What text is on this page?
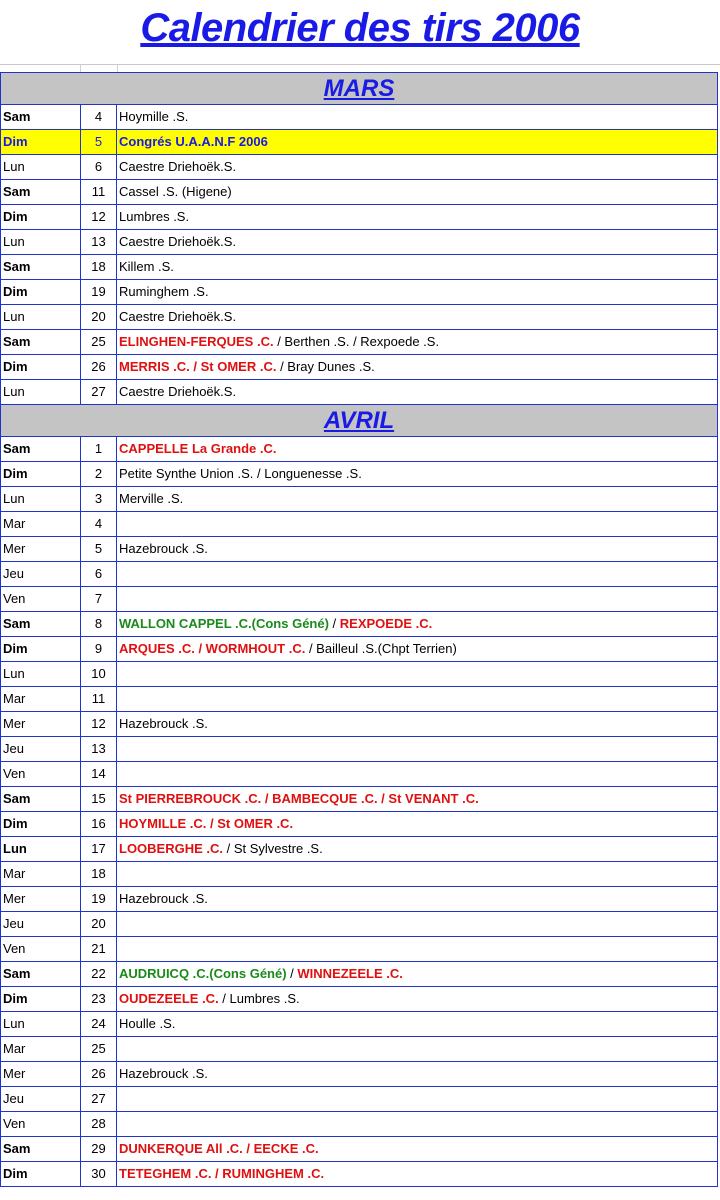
Calendrier des tirs 2006
MARS		
Sam	4	Hoymille .S.
Dim	5	Congrés U.A.A.N.F 2006
Lun	6	Caestre Driehoëk.S.
Sam	11	Cassel .S. (Higene)
Dim	12	Lumbres .S.
Lun	13	Caestre Driehoëk.S.
Sam	18	Killem .S.
Dim	19	Ruminghem .S.
Lun	20	Caestre Driehoëk.S.
Sam	25	ELINGHEN-FERQUES .C. / Berthen .S. / Rexpoede .S.
Dim	26	MERRIS .C. / St OMER .C. / Bray Dunes .S.
Lun	27	Caestre Driehoëk.S.
AVRIL		
Sam	1	CAPPELLE La Grande .C.
Dim	2	Petite Synthe Union .S. / Longuenesse .S.
Lun	3	Merville .S.
Mar	4	
Mer	5	Hazebrouck .S.
Jeu	6	
Ven	7	
Sam	8	WALLON CAPPEL .C.(Cons Géné) / REXPOEDE .C.
Dim	9	ARQUES .C. / WORMHOUT .C. / Bailleul .S.(Chpt Terrien)
Lun	10	
Mar	11	
Mer	12	Hazebrouck .S.
Jeu	13	
Ven	14	
Sam	15	St PIERREBROUCK .C. / BAMBECQUE .C. / St VENANT .C.
Dim	16	HOYMILLE .C. / St OMER .C.
Lun	17	LOOBERGHE .C. / St Sylvestre .S.
Mar	18	
Mer	19	Hazebrouck .S.
Jeu	20	
Ven	21	
Sam	22	AUDRUICQ .C.(Cons Géné) / WINNEZEELE .C.
Dim	23	OUDEZEELE .C. / Lumbres .S.
Lun	24	Houlle .S.
Mar	25	
Mer	26	Hazebrouck .S.
Jeu	27	
Ven	28	
Sam	29	DUNKERQUE All .C. / EECKE .C.
Dim	30	TETEGHEM .C. / RUMINGHEM .C.
